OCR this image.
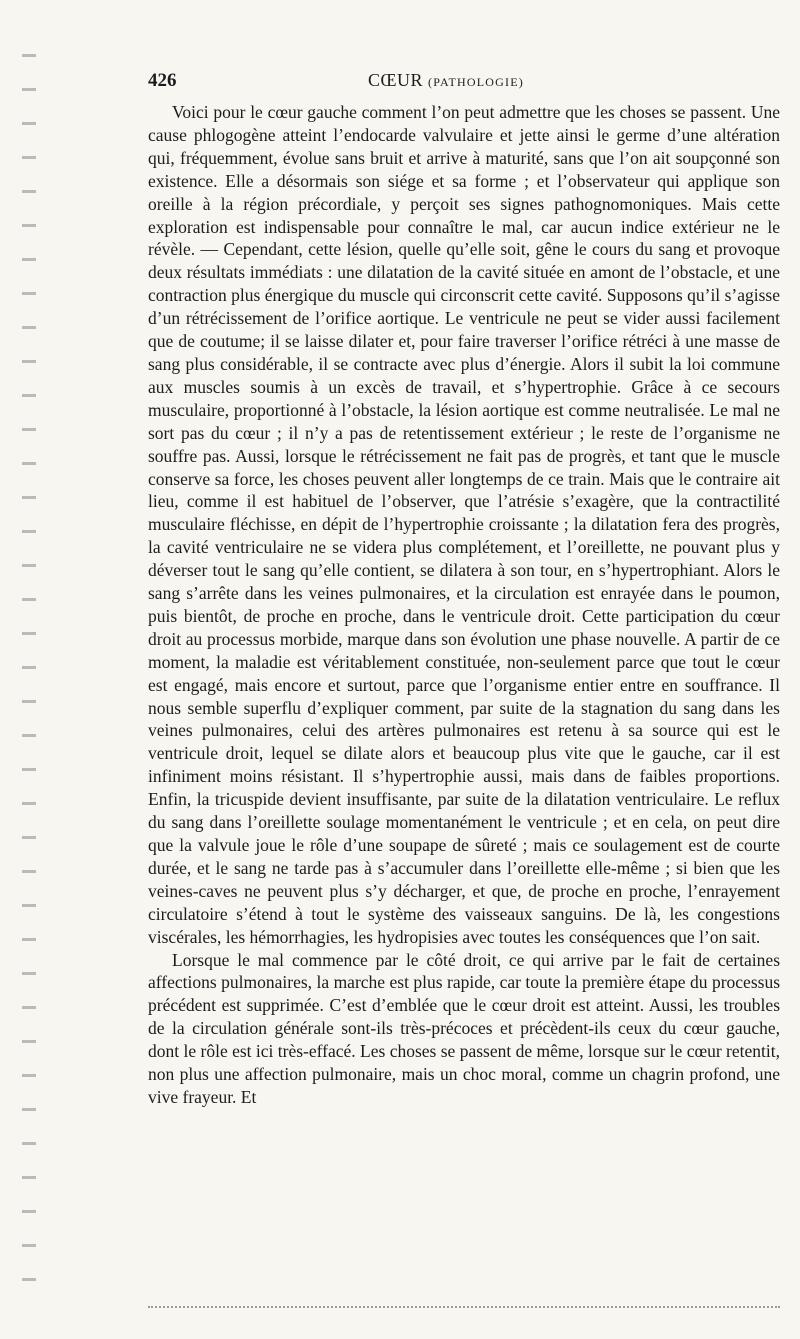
426	CŒUR (PATHOLOGIE)

Voici pour le cœur gauche comment l’on peut admettre que les choses se passent. Une cause phlogogène atteint l’endocarde valvulaire et jette ainsi le germe d’une altération qui, fréquemment, évolue sans bruit et arrive à maturité, sans que l’on ait soupçonné son existence. Elle a désormais son siége et sa forme ; et l’observateur qui applique son oreille à la région précordiale, y perçoit ses signes pathognomoniques. Mais cette exploration est indispensable pour connaître le mal, car aucun indice extérieur ne le révèle. — Cependant, cette lésion, quelle qu’elle soit, gêne le cours du sang et provoque deux résultats immédiats : une dilatation de la cavité située en amont de l’obstacle, et une contraction plus énergique du muscle qui circonscrit cette cavité. Supposons qu’il s’agisse d’un rétrécissement de l’orifice aortique. Le ventricule ne peut se vider aussi facilement que de coutume; il se laisse dilater et, pour faire traverser l’orifice rétréci à une masse de sang plus considérable, il se contracte avec plus d’énergie. Alors il subit la loi commune aux muscles soumis à un excès de travail, et s’hypertrophie. Grâce à ce secours musculaire, proportionné à l’obstacle, la lésion aortique est comme neutralisée. Le mal ne sort pas du cœur ; il n’y a pas de retentissement extérieur ; le reste de l’organisme ne souffre pas. Aussi, lorsque le rétrécissement ne fait pas de progrès, et tant que le muscle conserve sa force, les choses peuvent aller longtemps de ce train. Mais que le contraire ait lieu, comme il est habituel de l’observer, que l’atrésie s’exagère, que la contractilité musculaire fléchisse, en dépit de l’hypertrophie croissante ; la dilatation fera des progrès, la cavité ventriculaire ne se videra plus complétement, et l’oreillette, ne pouvant plus y déverser tout le sang qu’elle contient, se dilatera à son tour, en s’hypertrophiant. Alors le sang s’arrête dans les veines pulmonaires, et la circulation est enrayée dans le poumon, puis bientôt, de proche en proche, dans le ventricule droit. Cette participation du cœur droit au processus morbide, marque dans son évolution une phase nouvelle. A partir de ce moment, la maladie est véritablement constituée, non-seulement parce que tout le cœur est engagé, mais encore et surtout, parce que l’organisme entier entre en souffrance. Il nous semble superflu d’expliquer comment, par suite de la stagnation du sang dans les veines pulmonaires, celui des artères pulmonaires est retenu à sa source qui est le ventricule droit, lequel se dilate alors et beaucoup plus vite que le gauche, car il est infiniment moins résistant. Il s’hypertrophie aussi, mais dans de faibles proportions. Enfin, la tricuspide devient insuffisante, par suite de la dilatation ventriculaire. Le reflux du sang dans l’oreillette soulage momentanément le ventricule ; et en cela, on peut dire que la valvule joue le rôle d’une soupape de sûreté ; mais ce soulagement est de courte durée, et le sang ne tarde pas à s’accumuler dans l’oreillette elle-même ; si bien que les veines-caves ne peuvent plus s’y décharger, et que, de proche en proche, l’enrayement circulatoire s’étend à tout le système des vaisseaux sanguins. De là, les congestions viscérales, les hémorrhagies, les hydropisies avec toutes les conséquences que l’on sait.

Lorsque le mal commence par le côté droit, ce qui arrive par le fait de certaines affections pulmonaires, la marche est plus rapide, car toute la première étape du processus précédent est supprimée. C’est d’emblée que le cœur droit est atteint. Aussi, les troubles de la circulation générale sont-ils très-précoces et précèdent-ils ceux du cœur gauche, dont le rôle est ici très-effacé. Les choses se passent de même, lorsque sur le cœur retentit, non plus une affection pulmonaire, mais un choc moral, comme un chagrin profond, une vive frayeur. Et
